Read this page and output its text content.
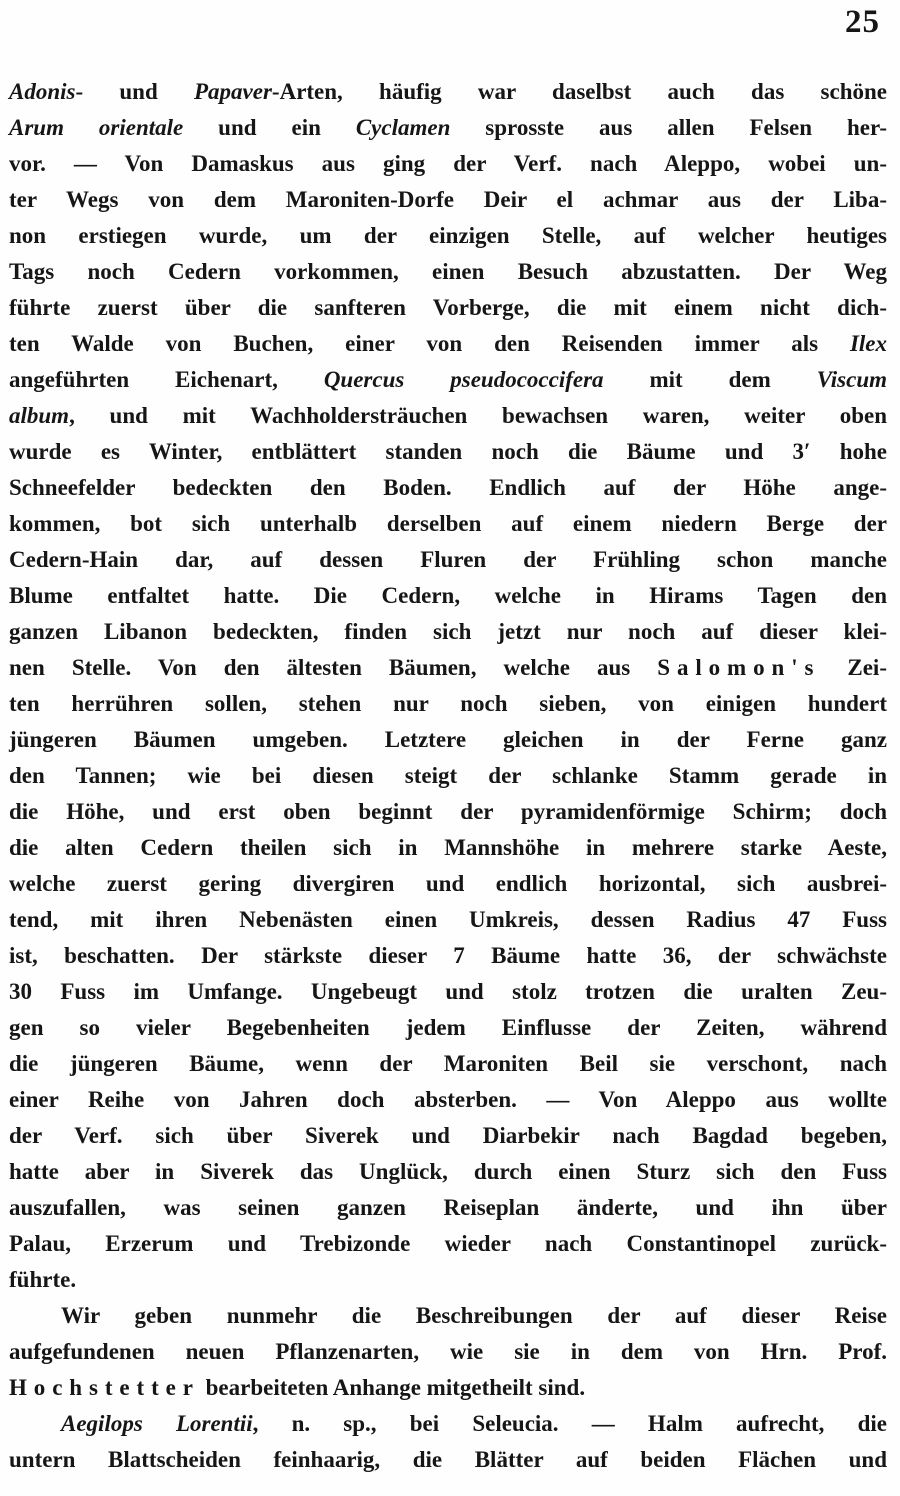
25
Adonis- und Papaver-Arten, häufig war daselbst auch das schöne
Arum orientale und ein Cyclamen sprosste aus allen Felsen her-
vor. — Von Damaskus aus ging der Verf. nach Aleppo, wobei un-
ter Wegs von dem Maroniten-Dorfe Deir el achmar aus der Liba-
non erstiegen wurde, um der einzigen Stelle, auf welcher heutiges
Tags noch Cedern vorkommen, einen Besuch abzustatten. Der Weg
führte zuerst über die sanfteren Vorberge, die mit einem nicht dich-
ten Walde von Buchen, einer von den Reisenden immer als Ilex
angeführten Eichenart, Quercus pseudococcifera mit dem Viscum
album, und mit Wachholdersträuchen bewachsen waren, weiter oben
wurde es Winter, entblättert standen noch die Bäume und 3′ hohe
Schneefelder bedeckten den Boden. Endlich auf der Höhe ange-
kommen, bot sich unterhalb derselben auf einem niedern Berge der
Cedern-Hain dar, auf dessen Fluren der Frühling schon manche
Blume entfaltet hatte. Die Cedern, welche in Hirams Tagen den
ganzen Libanon bedeckten, finden sich jetzt nur noch auf dieser klei-
nen Stelle. Von den ältesten Bäumen, welche aus Salomon's Zei-
ten herrühren sollen, stehen nur noch sieben, von einigen hundert
jüngeren Bäumen umgeben. Letztere gleichen in der Ferne ganz
den Tannen; wie bei diesen steigt der schlanke Stamm gerade in
die Höhe, und erst oben beginnt der pyramidenförmige Schirm; doch
die alten Cedern theilen sich in Mannshöhe in mehrere starke Aeste,
welche zuerst gering divergiren und endlich horizontal, sich ausbrei-
tend, mit ihren Nebenästen einen Umkreis, dessen Radius 47 Fuss
ist, beschatten. Der stärkste dieser 7 Bäume hatte 36, der schwächste
30 Fuss im Umfange. Ungebeugt und stolz trotzen die uralten Zeu-
gen so vieler Begebenheiten jedem Einflusse der Zeiten, während
die jüngeren Bäume, wenn der Maroniten Beil sie verschont, nach
einer Reihe von Jahren doch absterben. — Von Aleppo aus wollte
der Verf. sich über Siverek und Diarbekir nach Bagdad begeben,
hatte aber in Siverek das Unglück, durch einen Sturz sich den Fuss
auszufallen, was seinen ganzen Reiseplan änderte, und ihn über
Palau, Erzerum und Trebizonde wieder nach Constantinopel zurück-
führte.
Wir geben nunmehr die Beschreibungen der auf dieser Reise
aufgefundenen neuen Pflanzenarten, wie sie in dem von Hrn. Prof.
Hochstetter bearbeiteten Anhange mitgetheilt sind.
Aegilops Lorentii, n. sp., bei Seleucia. — Halm aufrecht, die
untern Blattscheiden feinhaarig, die Blätter auf beiden Flächen und
